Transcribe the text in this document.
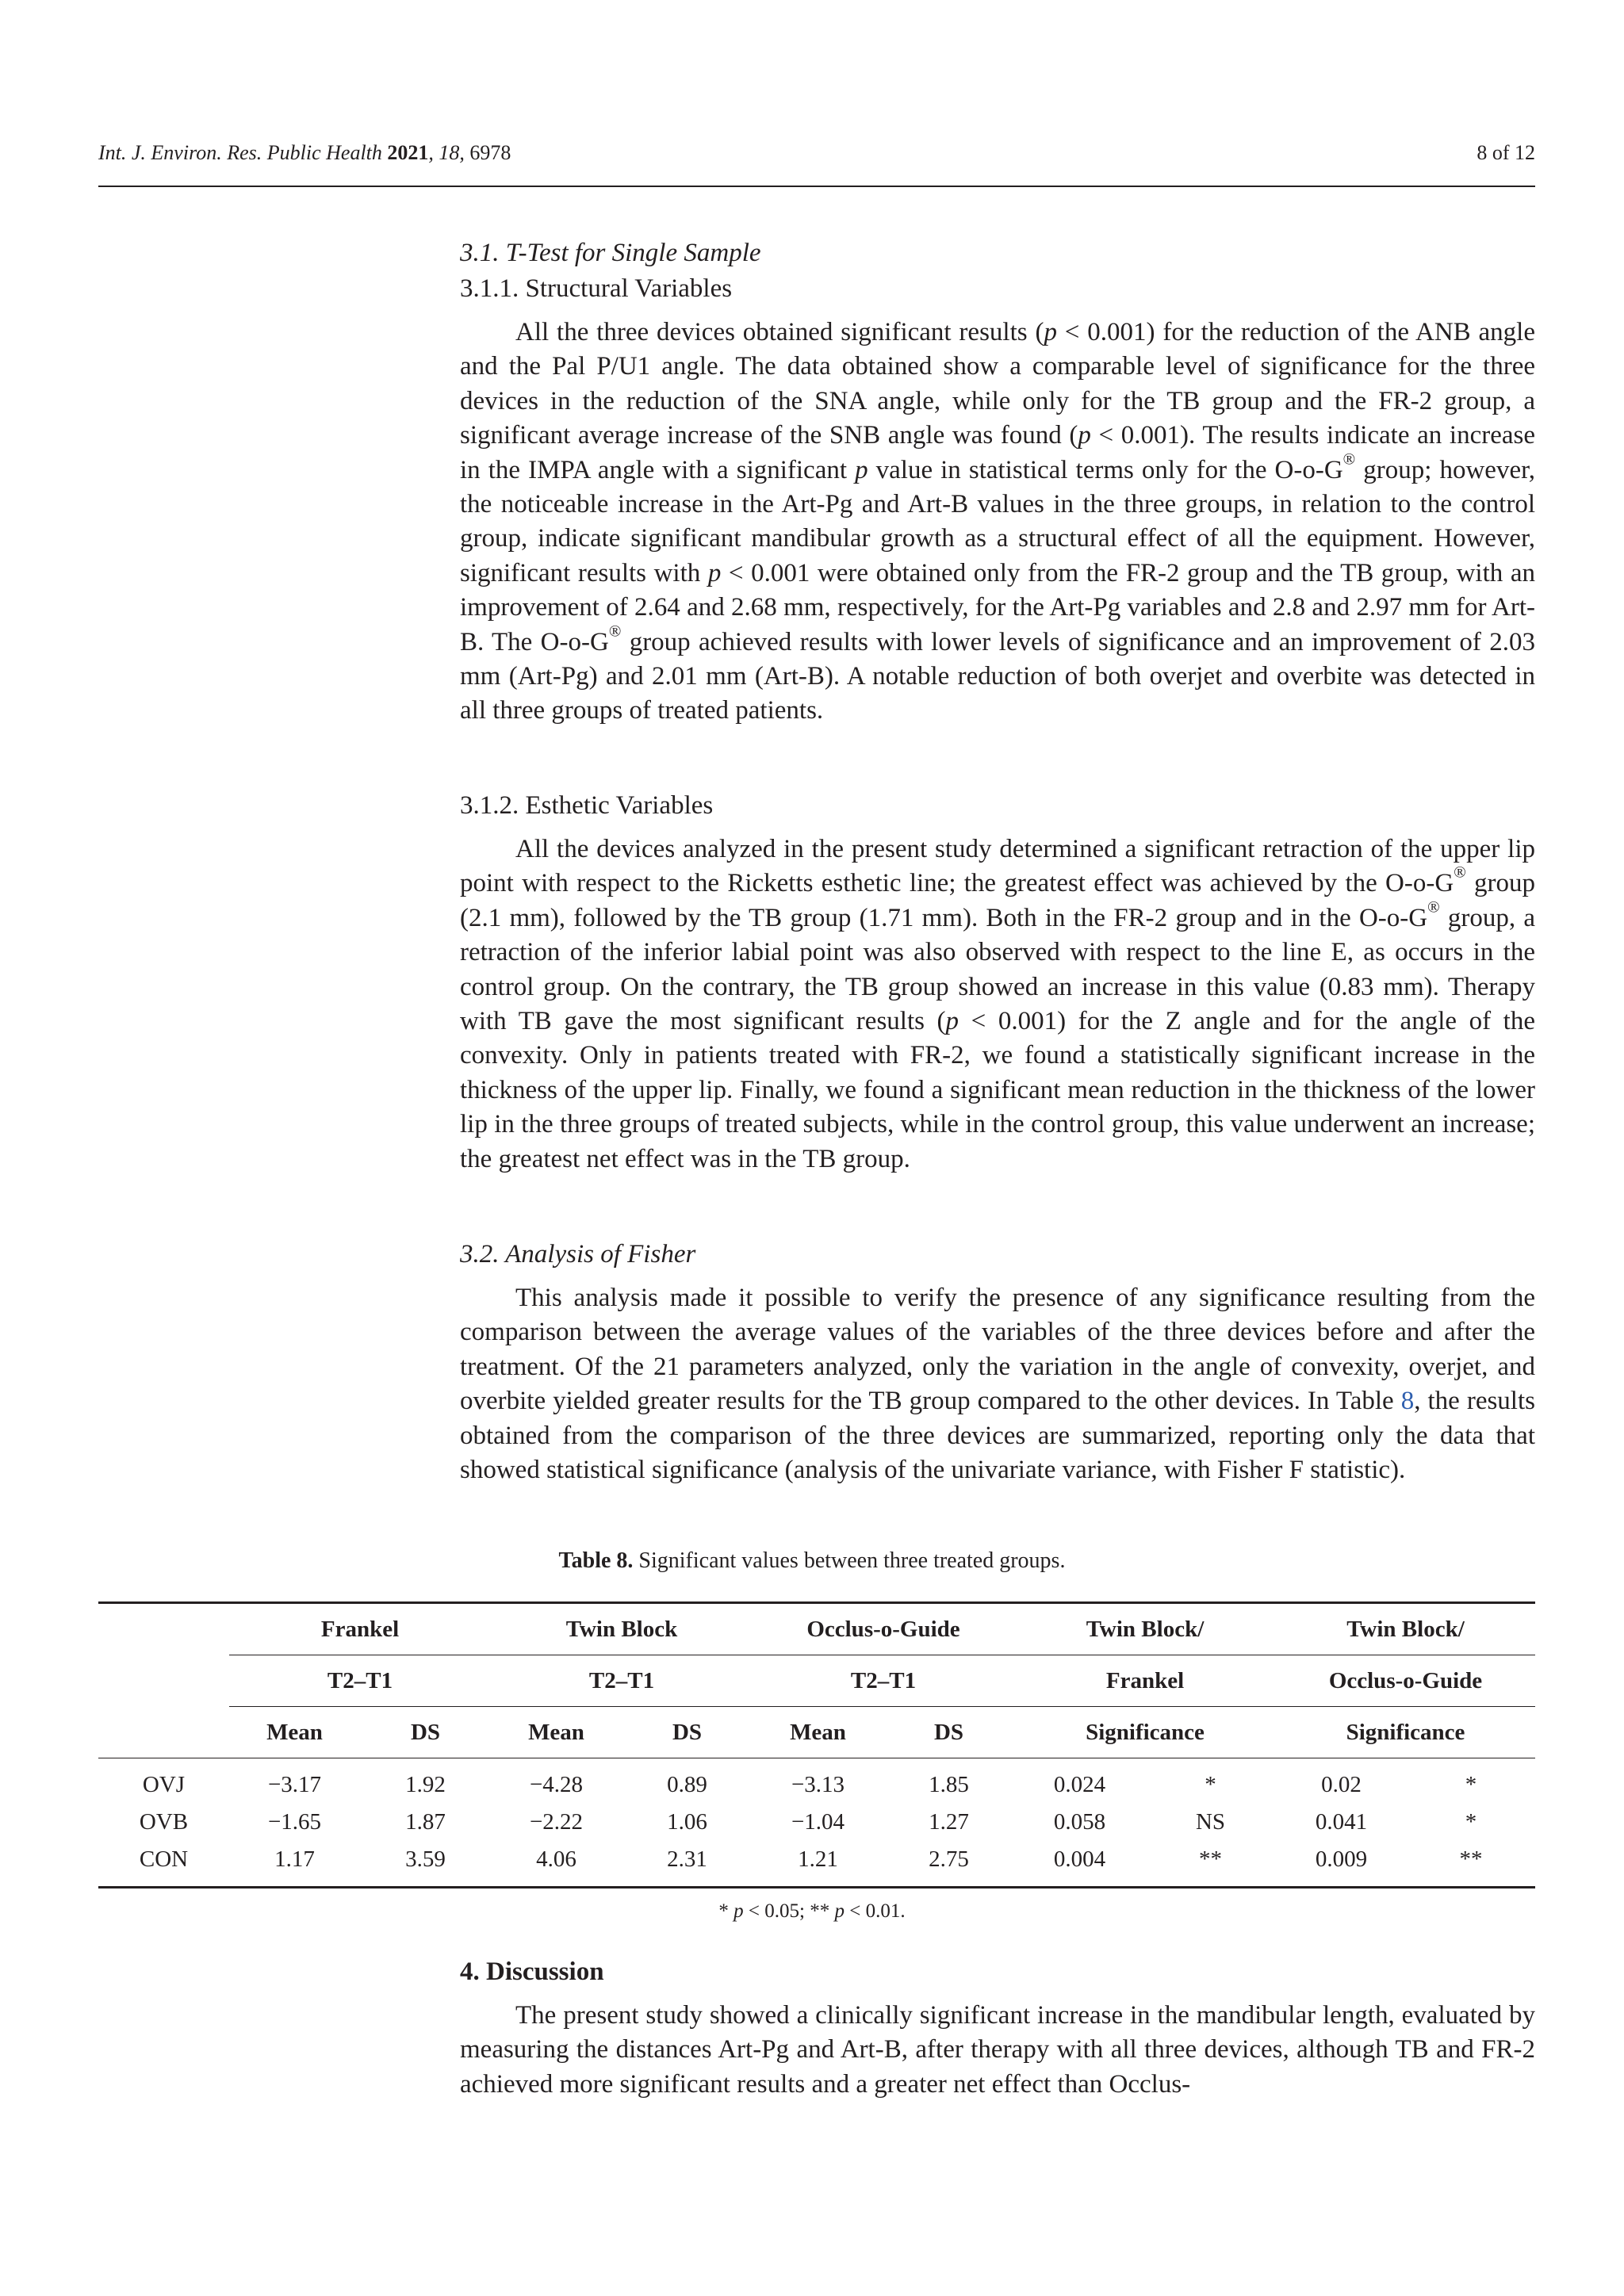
Int. J. Environ. Res. Public Health 2021, 18, 6978	8 of 12
3.1. T-Test for Single Sample
3.1.1. Structural Variables

All the three devices obtained significant results (p < 0.001) for the reduction of the ANB angle and the Pal P/U1 angle. The data obtained show a comparable level of significance for the three devices in the reduction of the SNA angle, while only for the TB group and the FR-2 group, a significant average increase of the SNB angle was found (p < 0.001). The results indicate an increase in the IMPA angle with a significant p value in statistical terms only for the O-o-G® group; however, the noticeable increase in the Art-Pg and Art-B values in the three groups, in relation to the control group, indicate significant mandibular growth as a structural effect of all the equipment. However, significant results with p < 0.001 were obtained only from the FR-2 group and the TB group, with an improvement of 2.64 and 2.68 mm, respectively, for the Art-Pg variables and 2.8 and 2.97 mm for Art-B. The O-o-G® group achieved results with lower levels of significance and an improvement of 2.03 mm (Art-Pg) and 2.01 mm (Art-B). A notable reduction of both overjet and overbite was detected in all three groups of treated patients.

3.1.2. Esthetic Variables

All the devices analyzed in the present study determined a significant retraction of the upper lip point with respect to the Ricketts esthetic line; the greatest effect was achieved by the O-o-G® group (2.1 mm), followed by the TB group (1.71 mm). Both in the FR-2 group and in the O-o-G® group, a retraction of the inferior labial point was also observed with respect to the line E, as occurs in the control group. On the contrary, the TB group showed an increase in this value (0.83 mm). Therapy with TB gave the most significant results (p < 0.001) for the Z angle and for the angle of the convexity. Only in patients treated with FR-2, we found a statistically significant increase in the thickness of the upper lip. Finally, we found a significant mean reduction in the thickness of the lower lip in the three groups of treated subjects, while in the control group, this value underwent an increase; the greatest net effect was in the TB group.

3.2. Analysis of Fisher

This analysis made it possible to verify the presence of any significance resulting from the comparison between the average values of the variables of the three devices before and after the treatment. Of the 21 parameters analyzed, only the variation in the angle of convexity, overjet, and overbite yielded greater results for the TB group compared to the other devices. In Table 8, the results obtained from the comparison of the three devices are summarized, reporting only the data that showed statistical significance (analysis of the univariate variance, with Fisher F statistic).

Table 8. Significant values between three treated groups.
	Frankel		Twin Block		Occlus-o-Guide		Twin Block/		Twin Block/	
	T2–T1		T2–T1		T2–T1		Frankel		Occlus-o-Guide	
	Mean	DS	Mean	DS	Mean	DS	Significance		Significance	
OVJ	−3.17	1.92	−4.28	0.89	−3.13	1.85	0.024	*	0.02	*
OVB	−1.65	1.87	−2.22	1.06	−1.04	1.27	0.058	NS	0.041	*
CON	1.17	3.59	4.06	2.31	1.21	2.75	0.004	**	0.009	**
* p < 0.05; ** p < 0.01.
4. Discussion

The present study showed a clinically significant increase in the mandibular length, evaluated by measuring the distances Art-Pg and Art-B, after therapy with all three devices, although TB and FR-2 achieved more significant results and a greater net effect than Occlus-
